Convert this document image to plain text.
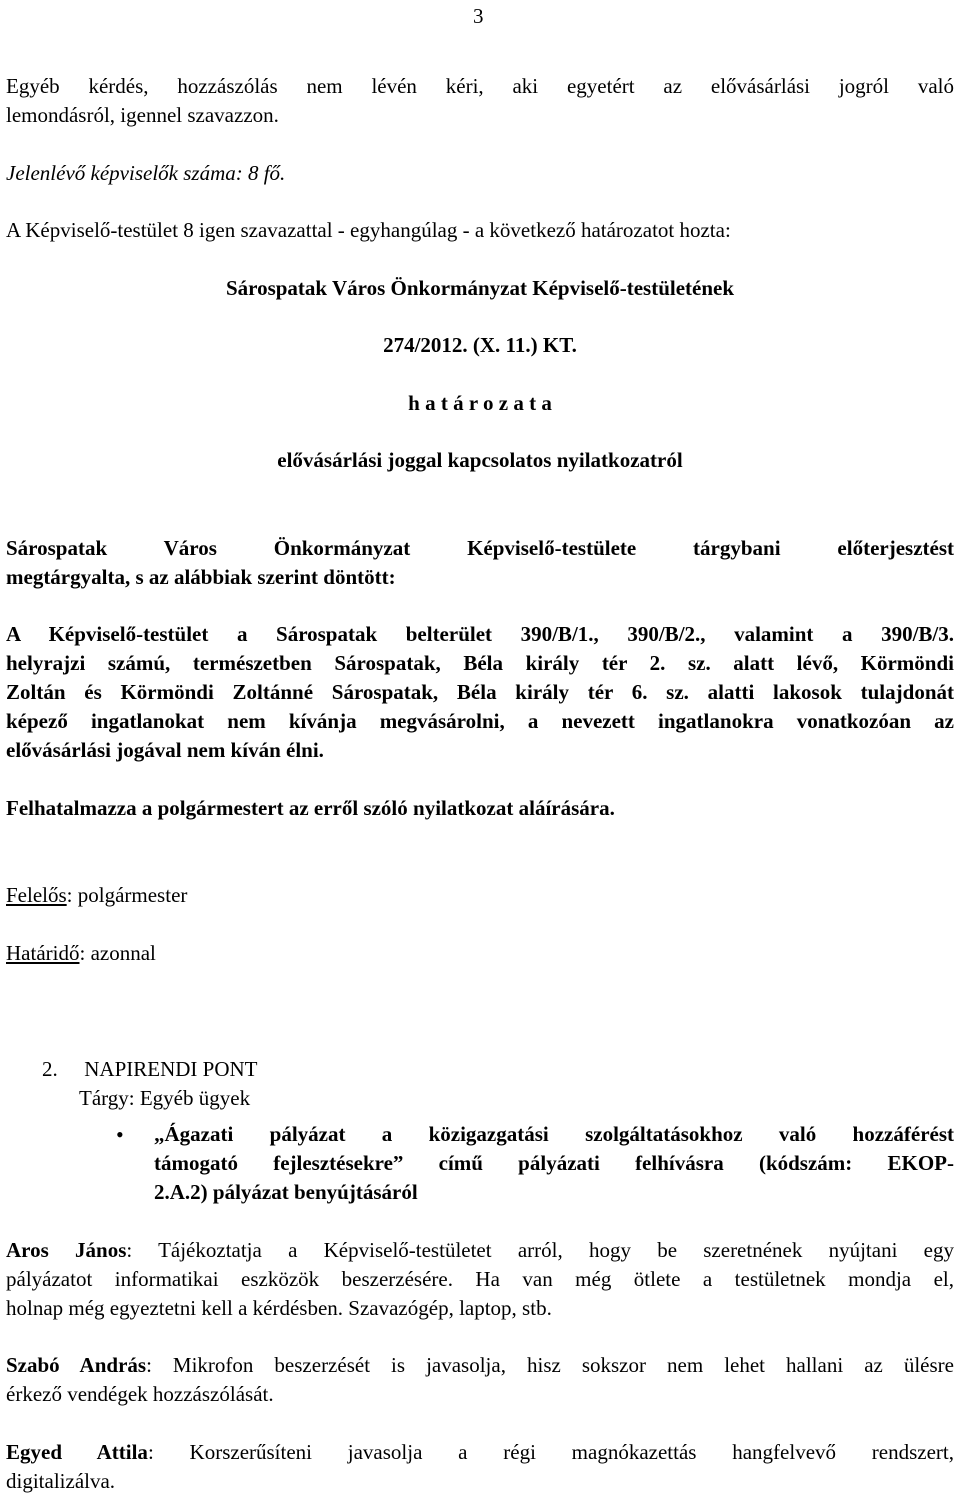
3
Egyéb kérdés, hozzászólás nem lévén kéri, aki egyetért az elővásárlási jogról való
lemondásról, igennel szavazzon.
Jelenlévő képviselők száma: 8 fő.
A Képviselő-testület 8 igen szavazattal - egyhangúlag - a következő határozatot hozta:
Sárospatak Város Önkormányzat Képviselő-testületének
274/2012. (X. 11.) KT.
h a t á r o z a t a
elővásárlási joggal kapcsolatos nyilatkozatról
Sárospatak Város Önkormányzat Képviselő-testülete tárgybani előterjesztést
megtárgyalta, s az alábbiak szerint döntött:
A Képviselő-testület a Sárospatak belterület 390/B/1., 390/B/2., valamint a 390/B/3.
helyrajzi számú, természetben Sárospatak, Béla király tér 2. sz. alatt lévő, Körmöndi
Zoltán és Körmöndi Zoltánné Sárospatak, Béla király tér 6. sz. alatti lakosok tulajdonát
képező ingatlanokat nem kívánja megvásárolni, a nevezett ingatlanokra vonatkozóan az
elővásárlási jogával nem kíván élni.
Felhatalmazza a polgármestert az erről szóló nyilatkozat aláírására.
Felelős: polgármester
Határidő: azonnal
2. NAPIRENDI PONT
Tárgy: Egyéb ügyek
• „Ágazati pályázat a közigazgatási szolgáltatásokhoz való hozzáférést
támogató fejlesztésekre” című pályázati felhívásra (kódszám: EKOP-
2.A.2) pályázat benyújtásáról
Aros János: Tájékoztatja a Képviselő-testületet arról, hogy be szeretnének nyújtani egy
pályázatot informatikai eszközök beszerzésére. Ha van még ötlete a testületnek mondja el,
holnap még egyeztetni kell a kérdésben. Szavazógép, laptop, stb.
Szabó András: Mikrofon beszerzését is javasolja, hisz sokszor nem lehet hallani az ülésre
érkező vendégek hozzászólását.
Egyed Attila: Korszerűsíteni javasolja a régi magnókazettás hangfelvevő rendszert,
digitalizálva.
